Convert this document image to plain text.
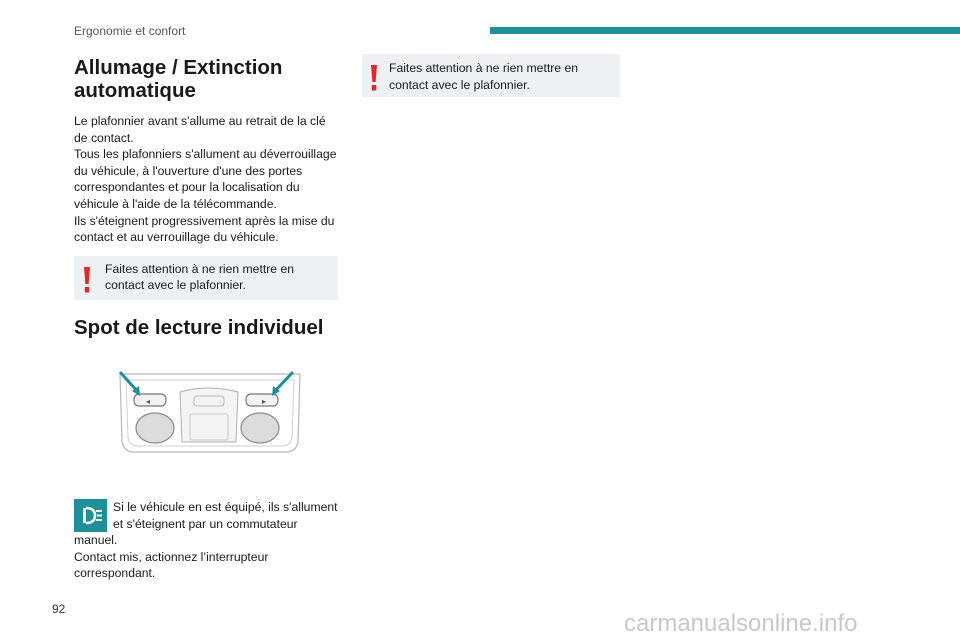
Ergonomie et confort
Allumage / Extinction
automatique

Le plafonnier avant s'allume au retrait de la clé
de contact.
Tous les plafonniers s'allument au déverrouillage
du véhicule, à l'ouverture d'une des portes
correspondantes et pour la localisation du
véhicule à l'aide de la télécommande.
Ils s'éteignent progressivement après la mise du
contact et au verrouillage du véhicule.

Faites attention à ne rien mettre en
contact avec le plafonnier.
Spot de lecture individuel
◂	▸
Si le véhicule en est équipé, ils s'allument
et s'éteignent par un commutateur
manuel.
Contact mis, actionnez l’interrupteur
correspondant.
Faites attention à ne rien mettre en
contact avec le plafonnier.
92
carmanualsonline.info
